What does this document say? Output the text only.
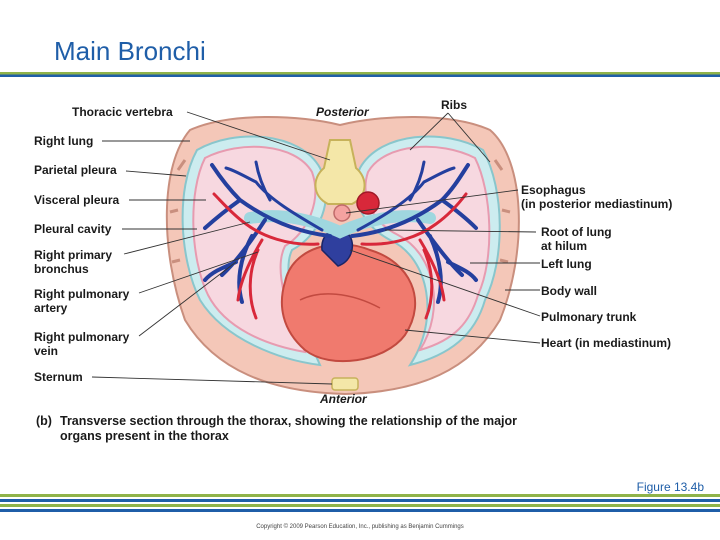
Main Bronchi
Thoracic vertebra	Posterior	Ribs
Right lung
Parietal pleura
Visceral pleura
Pleural cavity
Right primary
bronchus
Right pulmonary
artery
Right pulmonary
vein
Sternum
Esophagus
(in posterior mediastinum)
Root of lung
at hilum
Left lung
Body wall
Pulmonary trunk
Heart (in mediastinum)
Anterior
(b) Transverse section through the thorax, showing the relationship of the major
organs present in the thorax
Figure 13.4b
Copyright © 2009 Pearson Education, Inc., publishing as Benjamin Cummings
